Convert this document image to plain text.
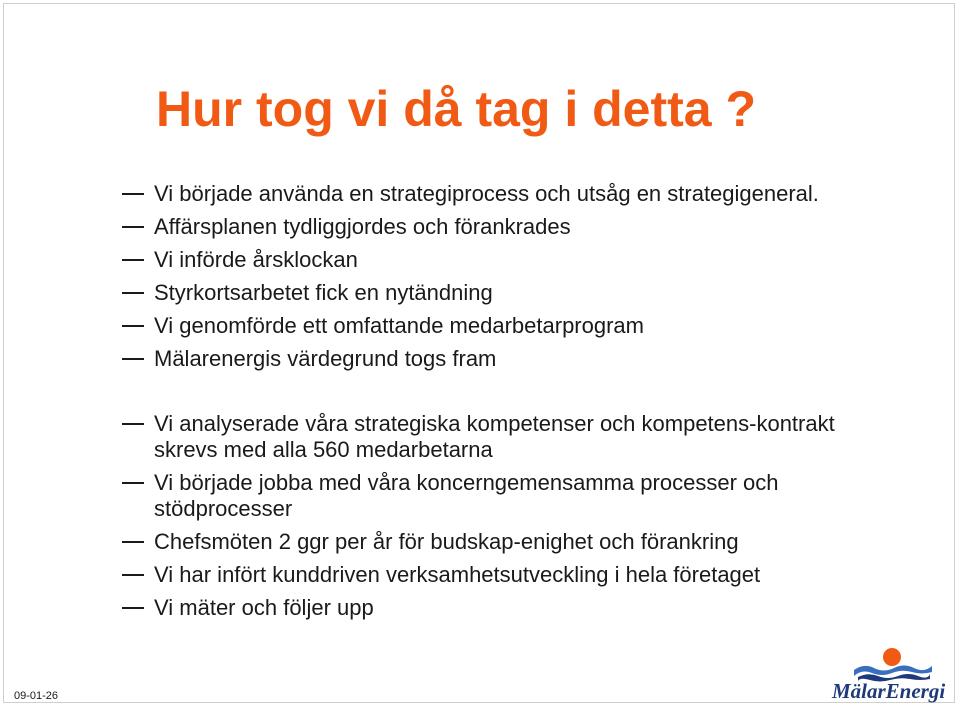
Hur tog vi då tag i detta ?
Vi började använda en strategiprocess och utsåg en strategigeneral.
Affärsplanen tydliggjordes och förankrades
Vi införde årsklockan
Styrkortsarbetet fick en nytändning
Vi genomförde ett omfattande medarbetarprogram
Mälarenergis värdegrund togs fram
Vi analyserade våra strategiska kompetenser och kompetens-kontrakt skrevs med alla 560 medarbetarna
Vi började jobba med våra koncerngemensamma processer och stödprocesser
Chefsmöten 2 ggr per år för budskap-enighet och förankring
Vi har infört kunddriven verksamhetsutveckling i hela företaget
Vi mäter och följer upp
09-01-26	MälarEnergi
